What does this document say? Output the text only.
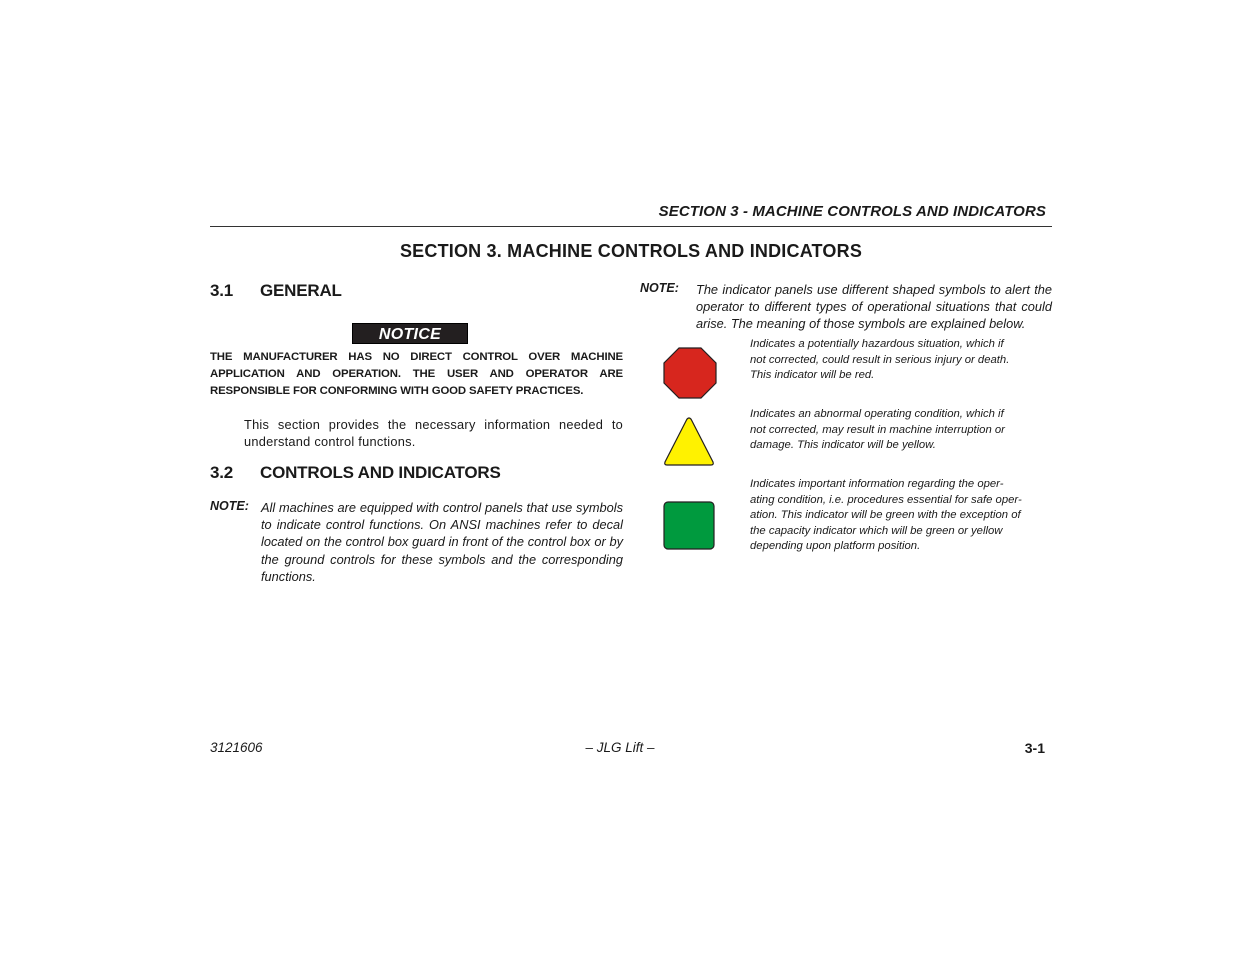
SECTION 3 - MACHINE CONTROLS AND INDICATORS
SECTION 3. MACHINE CONTROLS AND INDICATORS
3.1 GENERAL
NOTICE
THE MANUFACTURER HAS NO DIRECT CONTROL OVER MACHINE APPLICATION AND OPERATION. THE USER AND OPERATOR ARE RESPONSIBLE FOR CONFORMING WITH GOOD SAFETY PRACTICES.
This section provides the necessary information needed to understand control functions.
3.2 CONTROLS AND INDICATORS
NOTE: All machines are equipped with control panels that use symbols to indicate control functions. On ANSI machines refer to decal located on the control box guard in front of the control box or by the ground controls for these symbols and the corresponding functions.
NOTE: The indicator panels use different shaped symbols to alert the operator to different types of operational situations that could arise. The meaning of those symbols are explained below.
Indicates a potentially hazardous situation, which if
not corrected, could result in serious injury or death.
This indicator will be red.
Indicates an abnormal operating condition, which if
not corrected, may result in machine interruption or
damage. This indicator will be yellow.
Indicates important information regarding the oper-
ating condition, i.e. procedures essential for safe oper-
ation. This indicator will be green with the exception of
the capacity indicator which will be green or yellow
depending upon platform position.
3121606	– JLG Lift –	3-1
